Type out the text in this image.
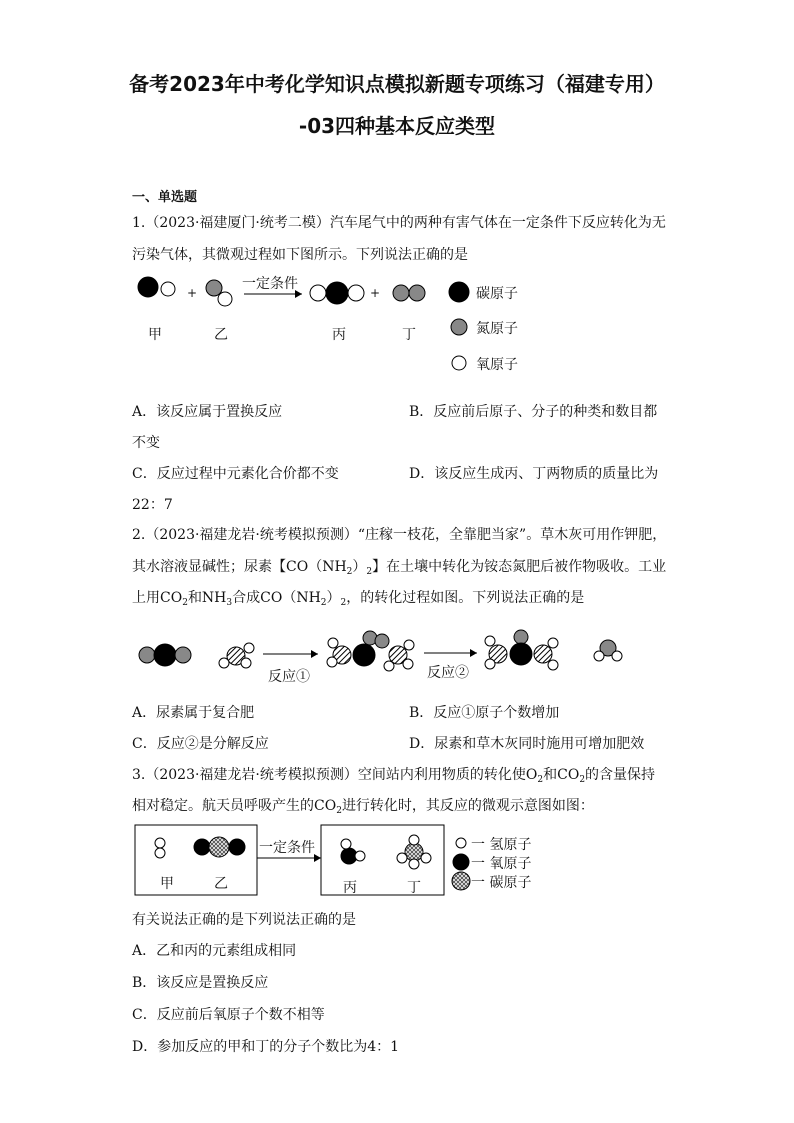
备考2023年中考化学知识点模拟新题专项练习（福建专用）
-03四种基本反应类型
一、单选题
1.（2023·福建厦门·统考二模）汽车尾气中的两种有害气体在一定条件下反应转化为无
污染气体，其微观过程如下图所示。下列说法正确的是
+	+
一定条件
甲	乙	丙	丁
碳原子
氮原子
氧原子
A．该反应属于置换反应	B．反应前后原子、分子的种类和数目都
不变
C．反应过程中元素化合价都不变	D．该反应生成丙、丁两物质的质量比为
22：7
2.（2023·福建龙岩·统考模拟预测）“庄稼一枝花，全靠肥当家”。草木灰可用作钾肥，
其水溶液显碱性；尿素【$CO(NH_2)_2$】在土壤中转化为铵态氮肥后被作物吸收。工业
上用$CO_2$和$NH_3$合成$CO(NH_2)_2$，的转化过程如图。下列说法正确的是
反应①	反应②
A．尿素属于复合肥	B．反应①原子个数增加
C．反应②是分解反应	D．尿素和草木灰同时施用可增加肥效
3.（2023·福建龙岩·统考模拟预测）空间站内利用物质的转化使$O_2$和$CO_2$的含量保持
相对稳定。航天员呼吸产生的$CO_2$进行转化时，其反应的微观示意图如图：
一定条件
甲	乙	丙	丁
一 氢原子
一 氧原子
一 碳原子
有关说法正确的是下列说法正确的是
A．乙和丙的元素组成相同
B．该反应是置换反应
C．反应前后氧原子个数不相等
D．参加反应的甲和丁的分子个数比为4：1
